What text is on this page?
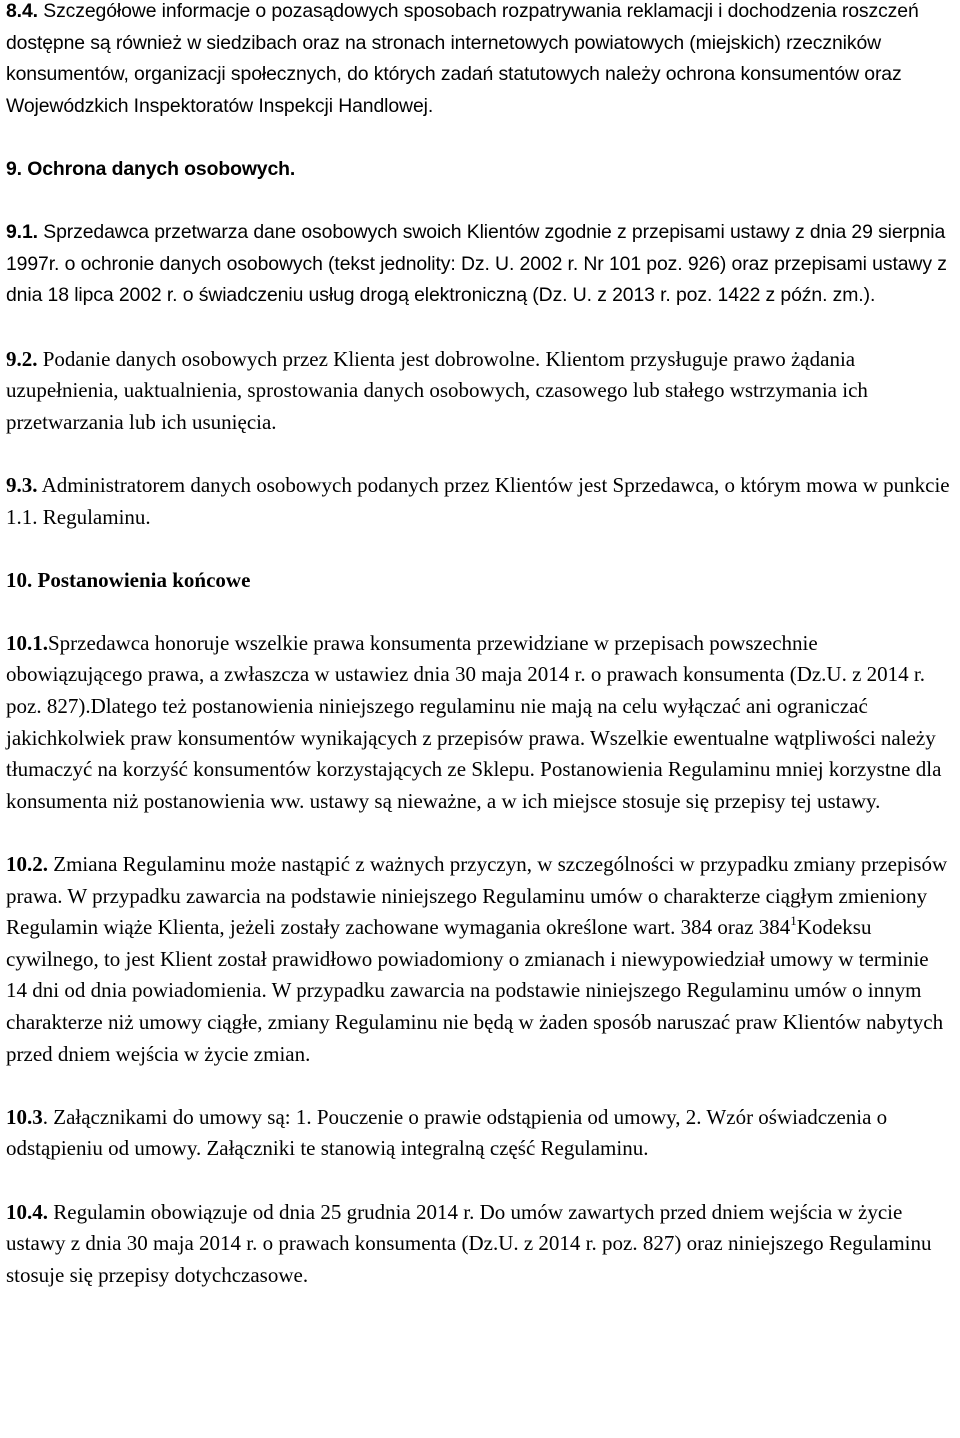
8.4. Szczegółowe informacje o pozasądowych sposobach rozpatrywania reklamacji i dochodzenia roszczeń dostępne są również w siedzibach oraz na stronach internetowych powiatowych (miejskich) rzeczników konsumentów, organizacji społecznych, do których zadań statutowych należy ochrona konsumentów oraz Wojewódzkich Inspektoratów Inspekcji Handlowej.

9. Ochrona danych osobowych.

9.1. Sprzedawca przetwarza dane osobowych swoich Klientów zgodnie z przepisami ustawy z dnia 29 sierpnia 1997r. o ochronie danych osobowych (tekst jednolity: Dz. U. 2002 r. Nr 101 poz. 926) oraz przepisami ustawy z dnia 18 lipca 2002 r. o świadczeniu usług drogą elektroniczną (Dz. U. z 2013 r. poz. 1422 z późn. zm.).

9.2. Podanie danych osobowych przez Klienta jest dobrowolne. Klientom przysługuje prawo żądania uzupełnienia, uaktualnienia, sprostowania danych osobowych, czasowego lub stałego wstrzymania ich przetwarzania lub ich usunięcia.

9.3. Administratorem danych osobowych podanych przez Klientów jest Sprzedawca, o którym mowa w punkcie 1.1. Regulaminu.

10. Postanowienia końcowe

10.1.Sprzedawca honoruje wszelkie prawa konsumenta przewidziane w przepisach powszechnie obowiązującego prawa, a zwłaszcza w ustawiez dnia 30 maja 2014 r. o prawach konsumenta (Dz.U. z 2014 r. poz. 827).Dlatego też postanowienia niniejszego regulaminu nie mają na celu wyłączać ani ograniczać jakichkolwiek praw konsumentów wynikających z przepisów prawa. Wszelkie ewentualne wątpliwości należy tłumaczyć na korzyść konsumentów korzystających ze Sklepu. Postanowienia Regulaminu mniej korzystne dla konsumenta niż postanowienia ww. ustawy są nieważne, a w ich miejsce stosuje się przepisy tej ustawy.

10.2. Zmiana Regulaminu może nastąpić z ważnych przyczyn, w szczególności w przypadku zmiany przepisów prawa. W przypadku zawarcia na podstawie niniejszego Regulaminu umów o charakterze ciągłym zmieniony Regulamin wiąże Klienta, jeżeli zostały zachowane wymagania określone wart. 384 oraz $384^1Kodeksu$ cywilnego, to jest Klient został prawidłowo powiadomiony o zmianach i niewypowiedział umowy w terminie 14 dni od dnia powiadomienia. W przypadku zawarcia na podstawie niniejszego Regulaminu umów o innym charakterze niż umowy ciągłe, zmiany Regulaminu nie będą w żaden sposób naruszać praw Klientów nabytych przed dniem wejścia w życie zmian.

10.3. Załącznikami do umowy są: 1. Pouczenie o prawie odstąpienia od umowy, 2. Wzór oświadczenia o odstąpieniu od umowy. Załączniki te stanowią integralną część Regulaminu.

10.4. Regulamin obowiązuje od dnia 25 grudnia 2014 r. Do umów zawartych przed dniem wejścia w życie ustawy z dnia 30 maja 2014 r. o prawach konsumenta (Dz.U. z 2014 r. poz. 827) oraz niniejszego Regulaminu stosuje się przepisy dotychczasowe.
